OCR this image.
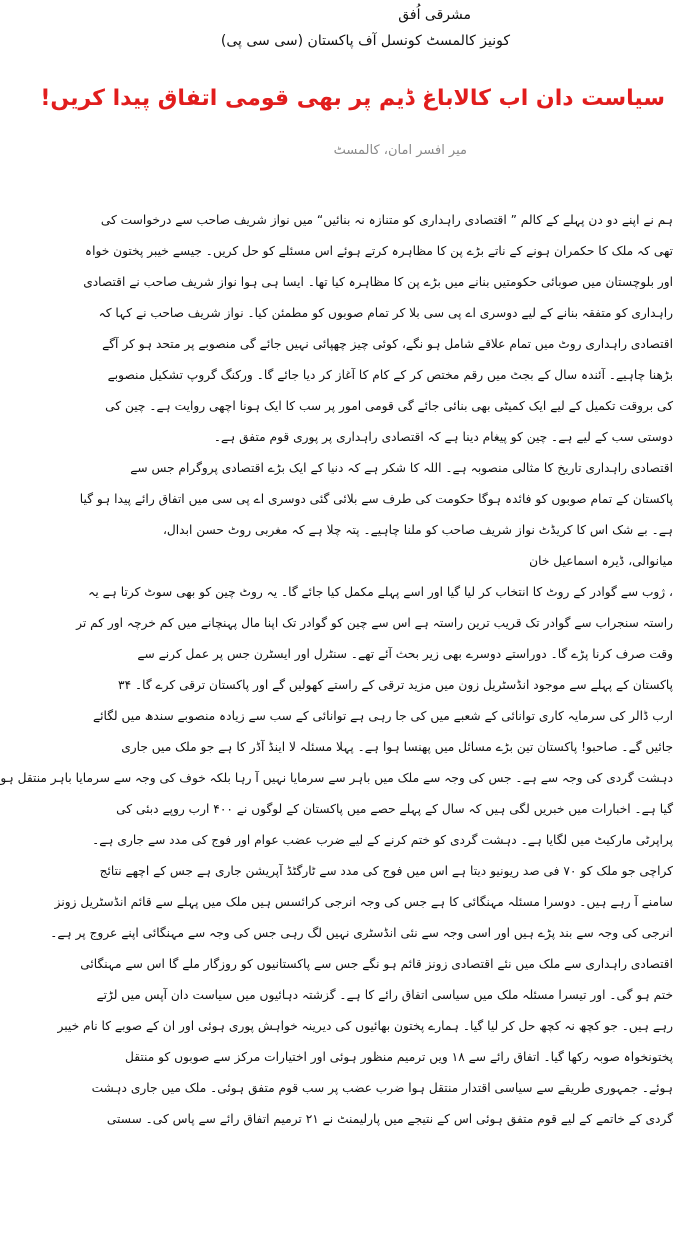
مشرقی اُفق
کونیز کالمسٹ کونسل آف پاکستان (سی سی پی)
سیاست دان اب کالاباغ ڈیم پر بھی قومی اتفاق پیدا کریں!
میر افسر امان، کالمسٹ
ہم نے اپنے دو دن پہلے کے کالم ” اقتصادی راہداری کو متنازہ نہ بنائیں“ میں نواز شریف صاحب سے درخواست کی
تھی کہ ملک کا حکمران ہونے کے ناتے بڑے پن کا مظاہرہ کرتے ہوئے اس مسئلے کو حل کریں۔ جیسے خیبر پختون خواہ
اور بلوچستان میں صوبائی حکومتیں بنانے میں بڑے پن کا مظاہرہ کیا تھا۔ ایسا ہی ہوا نواز شریف صاحب نے اقتصادی
راہداری کو متفقہ بنانے کے لیے دوسری اے پی سی بلا کر تمام صوبوں کو مطمئن کیا۔ نواز شریف صاحب نے کہا کہ
اقتصادی راہداری روٹ میں تمام علاقے شامل ہو نگے، کوئی چیز چھپائی نہیں جائے گی منصوبے پر متحد ہو کر آگے
بڑھنا چاہیے۔ آئندہ سال کے بجٹ میں رقم مختص کر کے کام کا آغاز کر دیا جائے گا۔ ورکنگ گروپ تشکیل منصوبے
کی بروقت تکمیل کے لیے ایک کمیٹی بھی بنائی جائے گی قومی امور پر سب کا ایک ہونا اچھی روایت ہے۔ چین کی
دوستی سب کے لیے ہے۔ چین کو پیغام دینا ہے کہ اقتصادی راہداری پر پوری قوم متفق ہے۔
اقتصادی راہداری تاریخ کا مثالی منصوبہ ہے۔ اللہ کا شکر ہے کہ دنیا کے ایک بڑے اقتصادی پروگرام جس سے
پاکستان کے تمام صوبوں کو فائدہ ہوگا حکومت کی طرف سے بلائی گئی دوسری اے پی سی میں اتفاق رائے پیدا ہو گیا
ہے۔ بے شک اس کا کریڈٹ نواز شریف صاحب کو ملنا چاہیے۔ پتہ چلا ہے کہ مغربی روٹ حسن ابدال،
میانوالی، ڈیرہ اسماعیل خان
، ژوب سے گوادر کے روٹ کا انتخاب کر لیا گیا اور اسے پہلے مکمل کیا جائے گا۔ یہ روٹ چین کو بھی سوٹ کرتا ہے یہ
راستہ سنجراب سے گوادر تک قریب ترین راستہ ہے اس سے چین کو گوادر تک اپنا مال پہنچانے میں کم خرچہ اور کم تر
وقت صرف کرنا پڑے گا۔ دوراستے دوسرے بھی زیر بحث آئے تھے۔ سنٹرل اور ایسٹرن جس پر عمل کرنے سے
پاکستان کے پہلے سے موجود انڈسٹریل زون میں مزید ترقی کے راستے کھولیں گے اور پاکستان ترقی کرے گا۔ ۳۴
ارب ڈالر کی سرمایہ کاری توانائی کے شعبے میں کی جا رہی ہے توانائی کے سب سے زیادہ منصوبے سندھ میں لگائے
جائیں گے۔ صاحبو! پاکستان تین بڑے مسائل میں پھنسا ہوا ہے۔ پہلا مسئلہ لا اینڈ آڈر کا ہے جو ملک میں جاری
دہشت گردی کی وجہ سے ہے۔ جس کی وجہ سے ملک میں باہر سے سرمایا نہیں آ رہا بلکہ خوف کی وجہ سے سرمایا باہر منتقل ہو
گیا ہے۔ اخبارات میں خبریں لگی ہیں کہ سال کے پہلے حصے میں پاکستان کے لوگوں نے ۴۰۰ ارب روپے دبئی کی
پراپرٹی مارکیٹ میں لگایا ہے۔ دہشت گردی کو ختم کرنے کے لیے ضرب عضب عوام اور فوج کی مدد سے جاری ہے۔
کراچی جو ملک کو ۷۰ فی صد ریونیو دیتا ہے اس میں فوج کی مدد سے ٹارگٹڈ آپریشن جاری ہے جس کے اچھے نتائج
سامنے آ رہے ہیں۔ دوسرا مسئلہ مہنگائی کا ہے جس کی وجہ انرجی کرائسس ہیں ملک میں پہلے سے قائم انڈسٹریل زونز
انرجی کی وجہ سے بند پڑے ہیں اور اسی وجہ سے نئی انڈسٹری نہیں لگ رہی جس کی وجہ سے مہنگائی اپنے عروج پر ہے۔
اقتصادی راہداری سے ملک میں نئے اقتصادی زونز قائم ہو نگے جس سے پاکستانیوں کو روزگار ملے گا اس سے مہنگائی
ختم ہو گی۔ اور تیسرا مسئلہ ملک میں سیاسی اتفاق رائے کا ہے۔ گزشتہ دہائیوں میں سیاست دان آپس میں لڑتے
رہے ہیں۔ جو کچھ نہ کچھ حل کر لیا گیا۔ ہمارے پختون بھائیوں کی دیرینہ خواہش پوری ہوئی اور ان کے صوبے کا نام خیبر
پختونخواہ صوبہ رکھا گیا۔ اتفاق رائے سے ۱۸ ویں ترمیم منظور ہوئی اور اختیارات مرکز سے صوبوں کو منتقل
ہوئے۔ جمہوری طریقے سے سیاسی اقتدار منتقل ہوا ضرب عضب پر سب قوم متفق ہوئی۔ ملک میں جاری دہشت
گردی کے خاتمے کے لیے قوم متفق ہوئی اس کے نتیجے میں پارلیمنٹ نے ۲۱ ترمیم اتفاق رائے سے پاس کی۔ سستی
